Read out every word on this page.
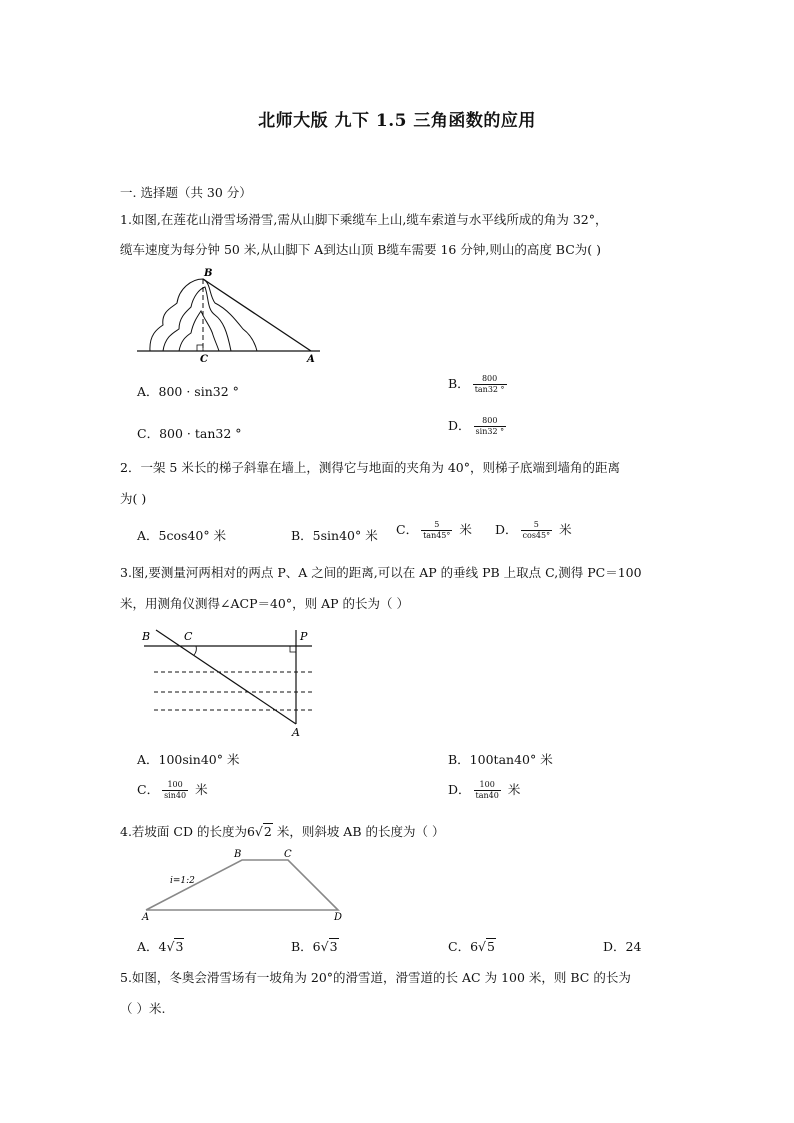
北师大版 九下 1.5 三角函数的应用
一. 选择题（共 30 分）
1.如图,在莲花山滑雪场滑雪,需从山脚下乘缆车上山,缆车索道与水平线所成的角为 32°，
缆车速度为每分钟 50 米,从山脚下 A到达山顶 B缆车需要 16 分钟,则山的高度 BC为( )
B
C	A
A．800 · sin32 °
B． $\frac{800}{\tan 32 ^\circ}$
C．800 · tan32 °
D． $\frac{800}{\sin 32 ^\circ}$
2．一架 5 米长的梯子斜靠在墙上，测得它与地面的夹角为 40°，则梯子底端到墙角的距离
为( )
A．5cos40° 米	B．5sin40° 米 C． $\frac{5}{\tan 45^\circ}$ 米 D． $\frac{5}{\cos 45^\circ}$ 米
3.图,要测量河两相对的两点 P、A 之间的距离,可以在 AP 的垂线 PB 上取点 C,测得 PC＝100
米，用测角仪测得∠ACP＝40°，则 AP 的长为（ ）
B	C	P
A
A．100sin40° 米	B．100tan40° 米
C． $\frac{100}{\sin 40}$ 米	D． $\frac{100}{\tan 40}$ 米
4.若坡面 CD 的长度为6√2 米，则斜坡 AB 的长度为（ ）
B	C
A	D
i=1:2
A．4√3	B．6√3	C．6√5	D．24
5.如图，冬奥会滑雪场有一坡角为 20°的滑雪道，滑雪道的长 AC 为 100 米，则 BC 的长为
（ ）米.
